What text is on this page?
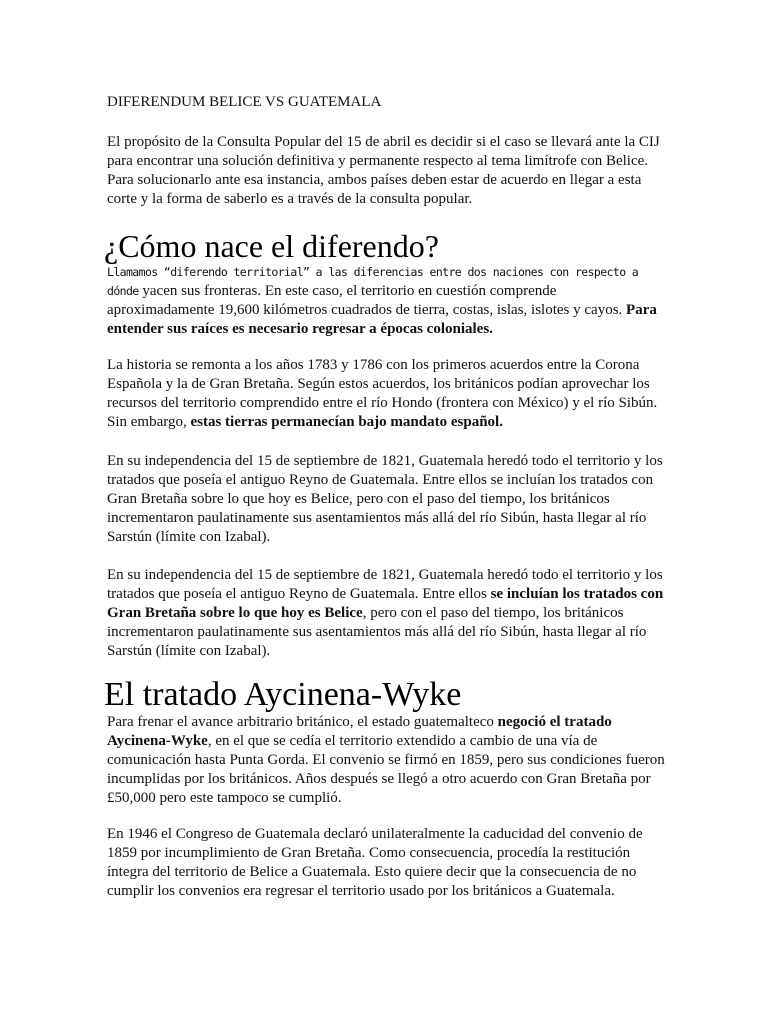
DIFERENDUM BELICE VS GUATEMALA

El propósito de la Consulta Popular del 15 de abril es decidir si el caso se llevará ante la CIJ para encontrar una solución definitiva y permanente respecto al tema limítrofe con Belice. Para solucionarlo ante esa instancia, ambos países deben estar de acuerdo en llegar a esta corte y la forma de saberlo es a través de la consulta popular.

¿Cómo nace el diferendo?

Llamamos “diferendo territorial” a las diferencias entre dos naciones con respecto a dónde yacen sus fronteras. En este caso, el territorio en cuestión comprende aproximadamente 19,600 kilómetros cuadrados de tierra, costas, islas, islotes y cayos. Para entender sus raíces es necesario regresar a épocas coloniales.

La historia se remonta a los años 1783 y 1786 con los primeros acuerdos entre la Corona Española y la de Gran Bretaña. Según estos acuerdos, los británicos podían aprovechar los recursos del territorio comprendido entre el río Hondo (frontera con México) y el río Sibún. Sin embargo, estas tierras permanecían bajo mandato español.

En su independencia del 15 de septiembre de 1821, Guatemala heredó todo el territorio y los tratados que poseía el antiguo Reyno de Guatemala. Entre ellos se incluían los tratados con Gran Bretaña sobre lo que hoy es Belice, pero con el paso del tiempo, los británicos incrementaron paulatinamente sus asentamientos más allá del río Sibún, hasta llegar al río Sarstún (límite con Izabal).

En su independencia del 15 de septiembre de 1821, Guatemala heredó todo el territorio y los tratados que poseía el antiguo Reyno de Guatemala. Entre ellos se incluían los tratados con Gran Bretaña sobre lo que hoy es Belice, pero con el paso del tiempo, los británicos incrementaron paulatinamente sus asentamientos más allá del río Sibún, hasta llegar al río Sarstún (límite con Izabal).

El tratado Aycinena-Wyke

Para frenar el avance arbitrario británico, el estado guatemalteco negoció el tratado Aycinena-Wyke, en el que se cedía el territorio extendido a cambio de una vía de comunicación hasta Punta Gorda. El convenio se firmó en 1859, pero sus condiciones fueron incumplidas por los británicos. Años después se llegó a otro acuerdo con Gran Bretaña por £50,000 pero este tampoco se cumplió.

En 1946 el Congreso de Guatemala declaró unilateralmente la caducidad del convenio de 1859 por incumplimiento de Gran Bretaña. Como consecuencia, procedía la restitución íntegra del territorio de Belice a Guatemala. Esto quiere decir que la consecuencia de no cumplir los convenios era regresar el territorio usado por los británicos a Guatemala.
